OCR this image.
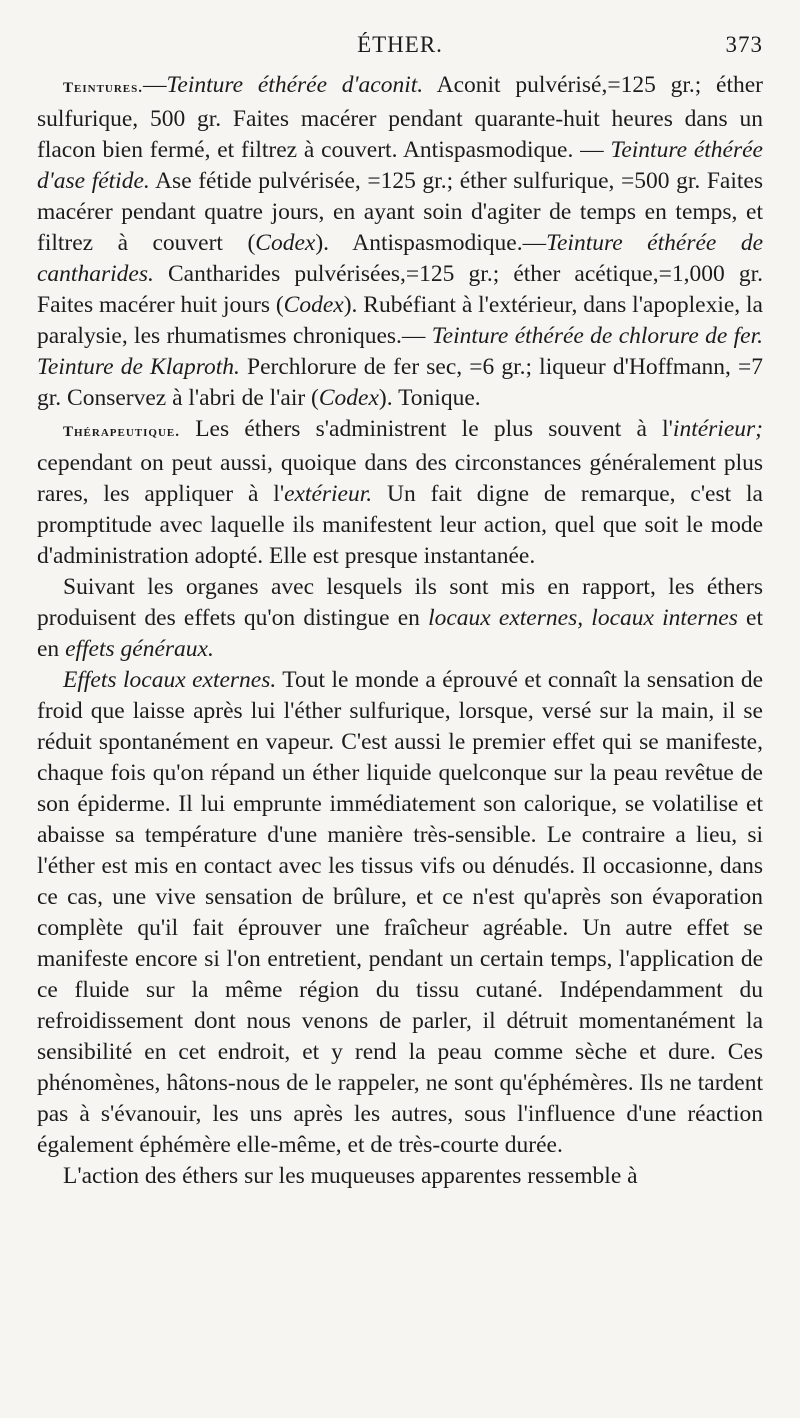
ÉTHER.	373

Teintures.—Teinture éthérée d'aconit. Aconit pulvérisé,=125 gr.; éther sulfurique, 500 gr. Faites macérer pendant quarante-huit heures dans un flacon bien fermé, et filtrez à couvert. Antispasmodique. — Teinture éthérée d'ase fétide. Ase fétide pulvérisée, =125 gr.; éther sulfurique, =500 gr. Faites macérer pendant quatre jours, en ayant soin d'agiter de temps en temps, et filtrez à couvert (Codex). Antispasmodique.—Teinture éthérée de cantharides. Cantharides pulvérisées,=125 gr.; éther acétique,=1,000 gr. Faites macérer huit jours (Codex). Rubéfiant à l'extérieur, dans l'apoplexie, la paralysie, les rhumatismes chroniques.— Teinture éthérée de chlorure de fer. Teinture de Klaproth. Perchlorure de fer sec, =6 gr.; liqueur d'Hoffmann, =7 gr. Conservez à l'abri de l'air (Codex). Tonique.

Thérapeutique. Les éthers s'administrent le plus souvent à l'intérieur; cependant on peut aussi, quoique dans des circonstances généralement plus rares, les appliquer à l'extérieur. Un fait digne de remarque, c'est la promptitude avec laquelle ils manifestent leur action, quel que soit le mode d'administration adopté. Elle est presque instantanée.

Suivant les organes avec lesquels ils sont mis en rapport, les éthers produisent des effets qu'on distingue en locaux externes, locaux internes et en effets généraux.

Effets locaux externes. Tout le monde a éprouvé et connaît la sensation de froid que laisse après lui l'éther sulfurique, lorsque, versé sur la main, il se réduit spontanément en vapeur. C'est aussi le premier effet qui se manifeste, chaque fois qu'on répand un éther liquide quelconque sur la peau revêtue de son épiderme. Il lui emprunte immédiatement son calorique, se volatilise et abaisse sa température d'une manière très-sensible. Le contraire a lieu, si l'éther est mis en contact avec les tissus vifs ou dénudés. Il occasionne, dans ce cas, une vive sensation de brûlure, et ce n'est qu'après son évaporation complète qu'il fait éprouver une fraîcheur agréable. Un autre effet se manifeste encore si l'on entretient, pendant un certain temps, l'application de ce fluide sur la même région du tissu cutané. Indépendamment du refroidissement dont nous venons de parler, il détruit momentanément la sensibilité en cet endroit, et y rend la peau comme sèche et dure. Ces phénomènes, hâtons-nous de le rappeler, ne sont qu'éphémères. Ils ne tardent pas à s'évanouir, les uns après les autres, sous l'influence d'une réaction également éphémère elle-même, et de très-courte durée.

L'action des éthers sur les muqueuses apparentes ressemble à
